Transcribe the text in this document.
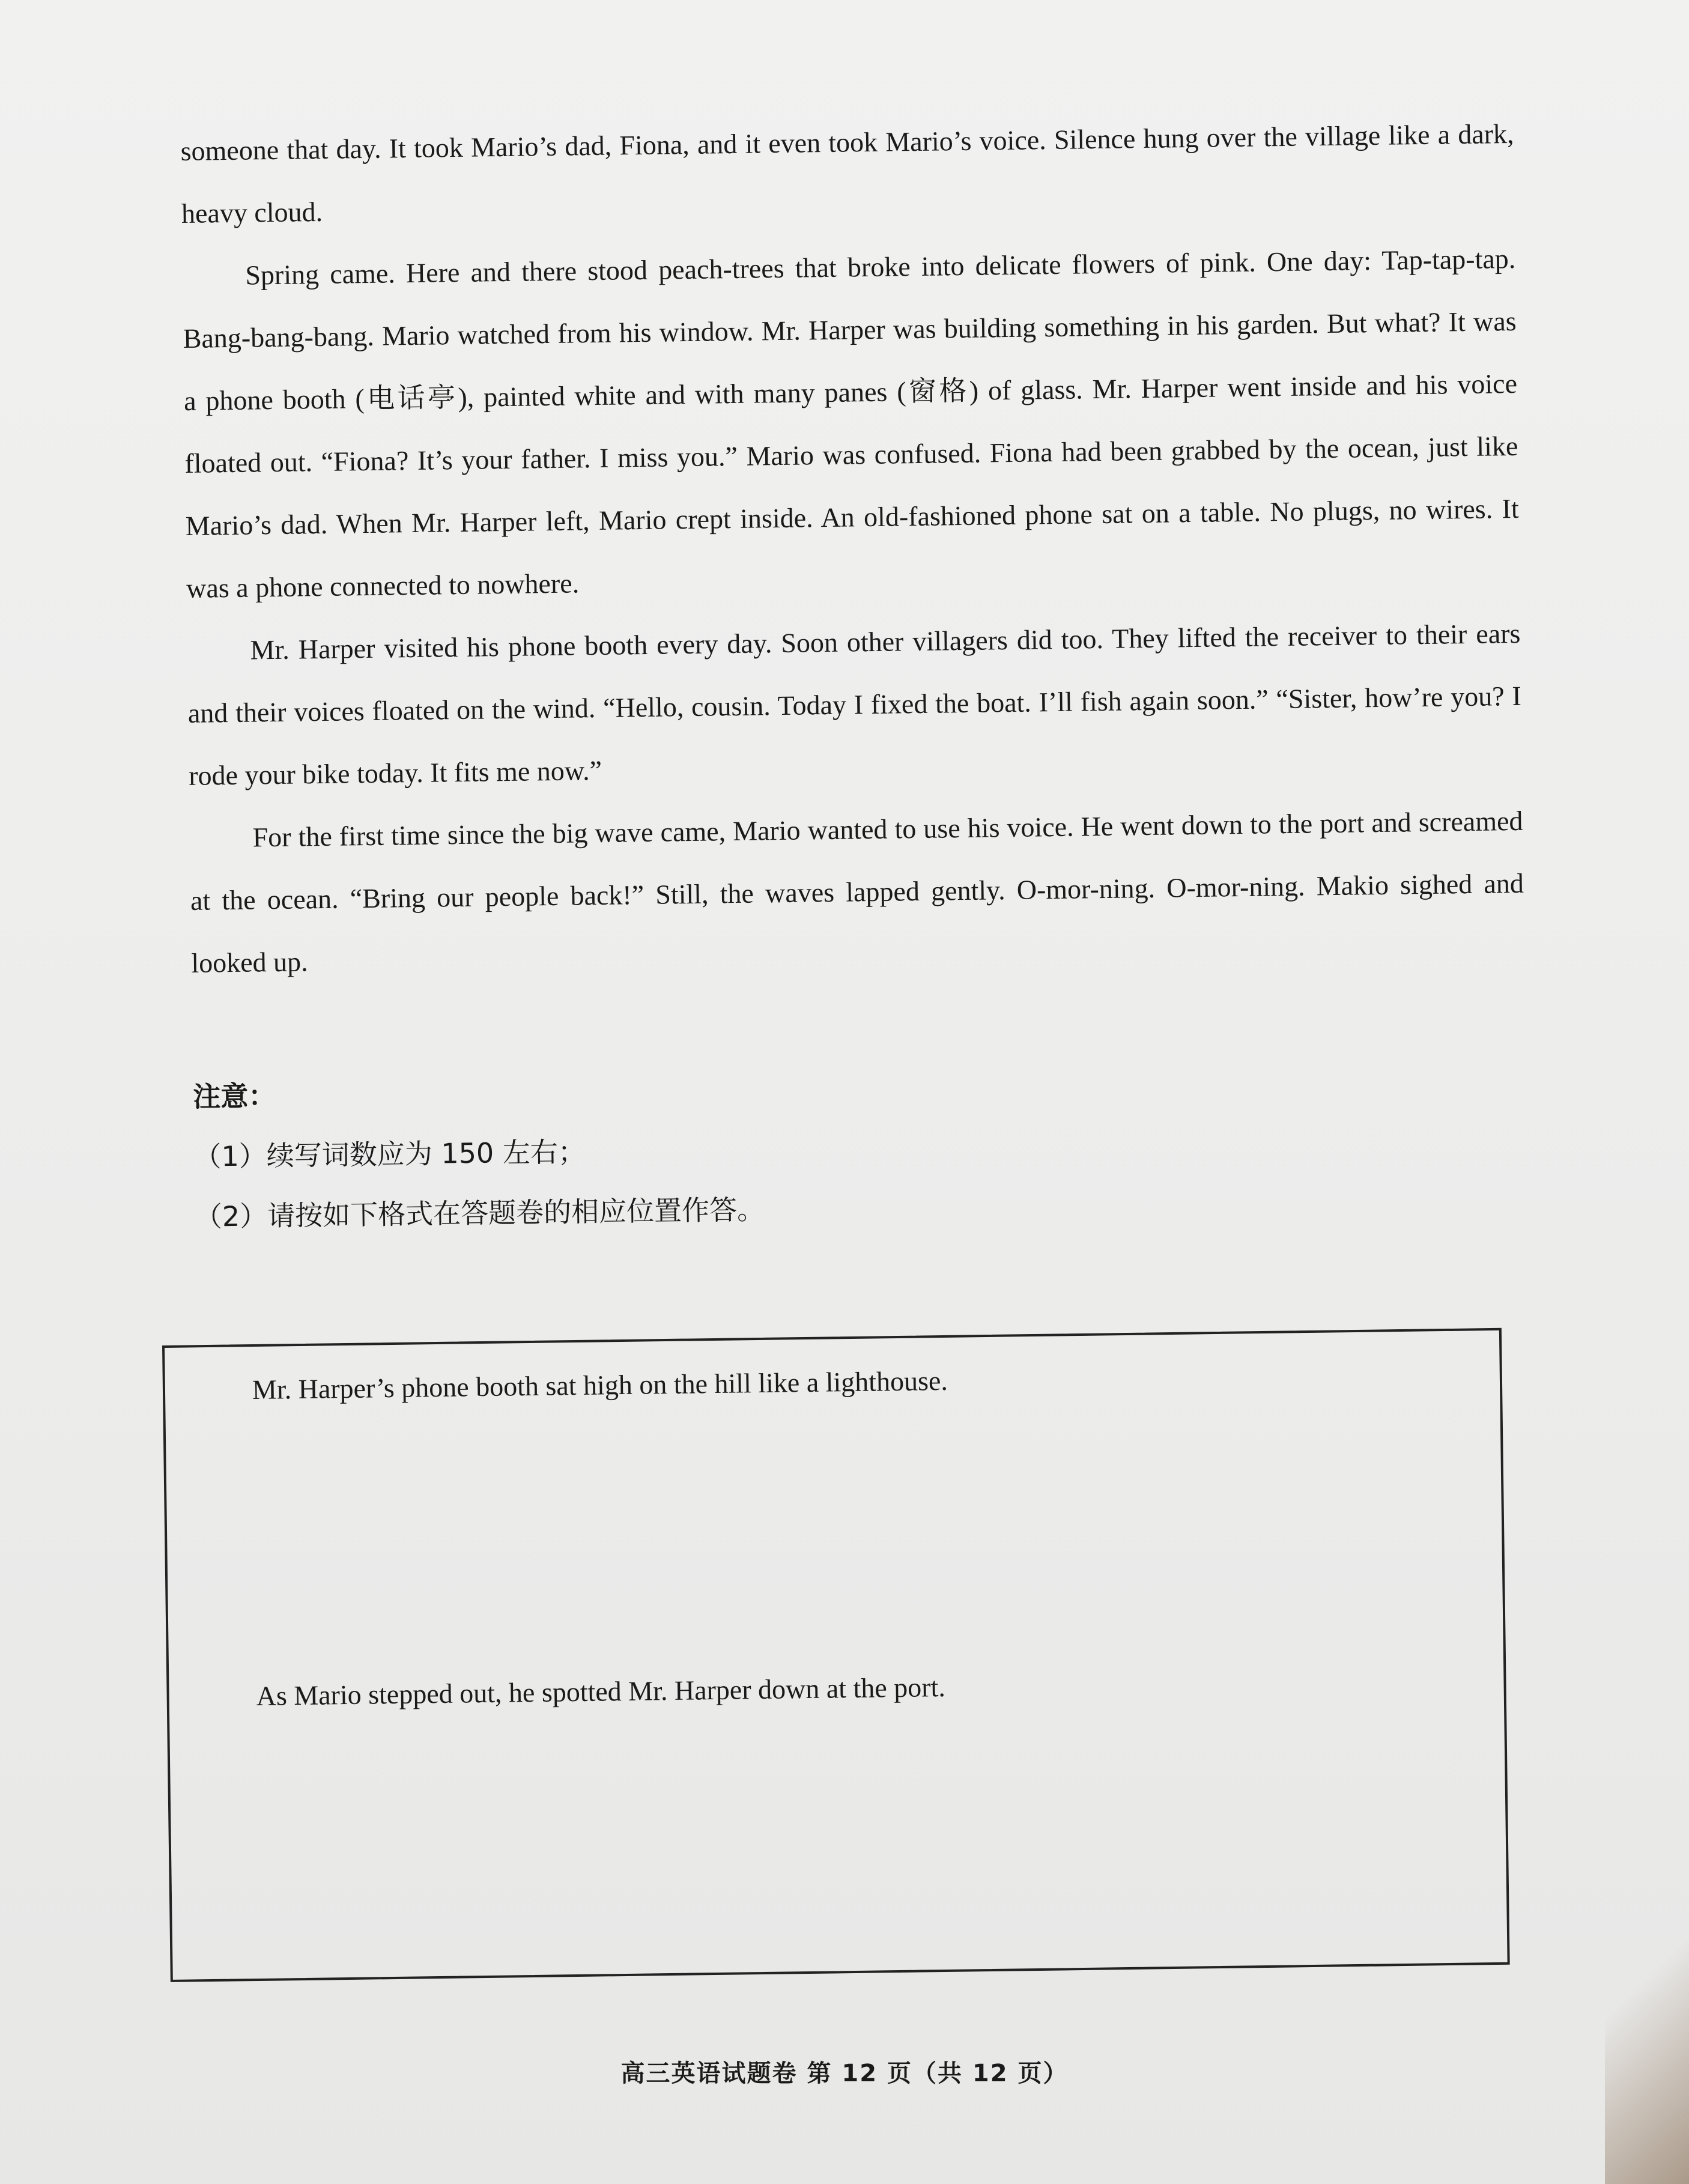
someone that day. It took Mario’s dad, Fiona, and it even took Mario’s voice. Silence hung over the village like a dark, heavy cloud.

Spring came. Here and there stood peach-trees that broke into delicate flowers of pink. One day: Tap-tap-tap. Bang-bang-bang. Mario watched from his window. Mr. Harper was building something in his garden. But what? It was a phone booth (电话亭), painted white and with many panes (窗格) of glass. Mr. Harper went inside and his voice floated out. “Fiona? It’s your father. I miss you.” Mario was confused. Fiona had been grabbed by the ocean, just like Mario’s dad. When Mr. Harper left, Mario crept inside. An old-fashioned phone sat on a table. No plugs, no wires. It was a phone connected to nowhere.

Mr. Harper visited his phone booth every day. Soon other villagers did too. They lifted the receiver to their ears and their voices floated on the wind. “Hello, cousin. Today I fixed the boat. I’ll fish again soon.” “Sister, how’re you? I rode your bike today. It fits me now.”

For the first time since the big wave came, Mario wanted to use his voice. He went down to the port and screamed at the ocean. “Bring our people back!” Still, the waves lapped gently. O-mor-ning. O-mor-ning. Makio sighed and looked up.

注意：
（1）续写词数应为 150 左右；
（2）请按如下格式在答题卷的相应位置作答。

Mr. Harper’s phone booth sat high on the hill like a lighthouse.

As Mario stepped out, he spotted Mr. Harper down at the port.

高三英语试题卷 第 12 页（共 12 页）
